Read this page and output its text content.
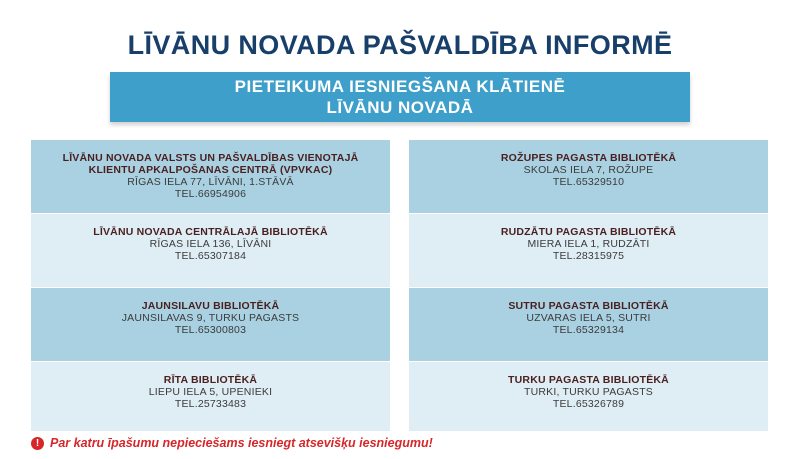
LĪVĀNU NOVADA PAŠVALDĪBA INFORMĒ
PIETEIKUMA IESNIEGŠANA KLĀTIENĒ
LĪVĀNU NOVADĀ
LĪVĀNU NOVADA VALSTS UN PAŠVALDĪBAS VIENOTAJĀ
KLIENTU APKALPOŠANAS CENTRĀ (VPVKAC)
RĪGAS IELA 77, LĪVĀNI, 1.STĀVĀ
TEL.66954906
LĪVĀNU NOVADA CENTRĀLAJĀ BIBLIOTĒKĀ
RĪGAS IELA 136, LĪVĀNI
TEL.65307184
JAUNSILAVU BIBLIOTĒKĀ
JAUNSILAVAS 9, TURKU PAGASTS
TEL.65300803
RĪTA BIBLIOTĒKĀ
LIEPU IELA 5, UPENIEKI
TEL.25733483
ROŽUPES PAGASTA BIBLIOTĒKĀ
SKOLAS IELA 7, ROŽUPE
TEL.65329510
RUDZĀTU PAGASTA BIBLIOTĒKĀ
MIERA IELA 1, RUDZĀTI
TEL.28315975
SUTRU PAGASTA BIBLIOTĒKĀ
UZVARAS IELA 5, SUTRI
TEL.65329134
TURKU PAGASTA BIBLIOTĒKĀ
TURKI, TURKU PAGASTS
TEL.65326789
! Par katru īpašumu nepieciešams iesniegt atsevišķu iesniegumu!
